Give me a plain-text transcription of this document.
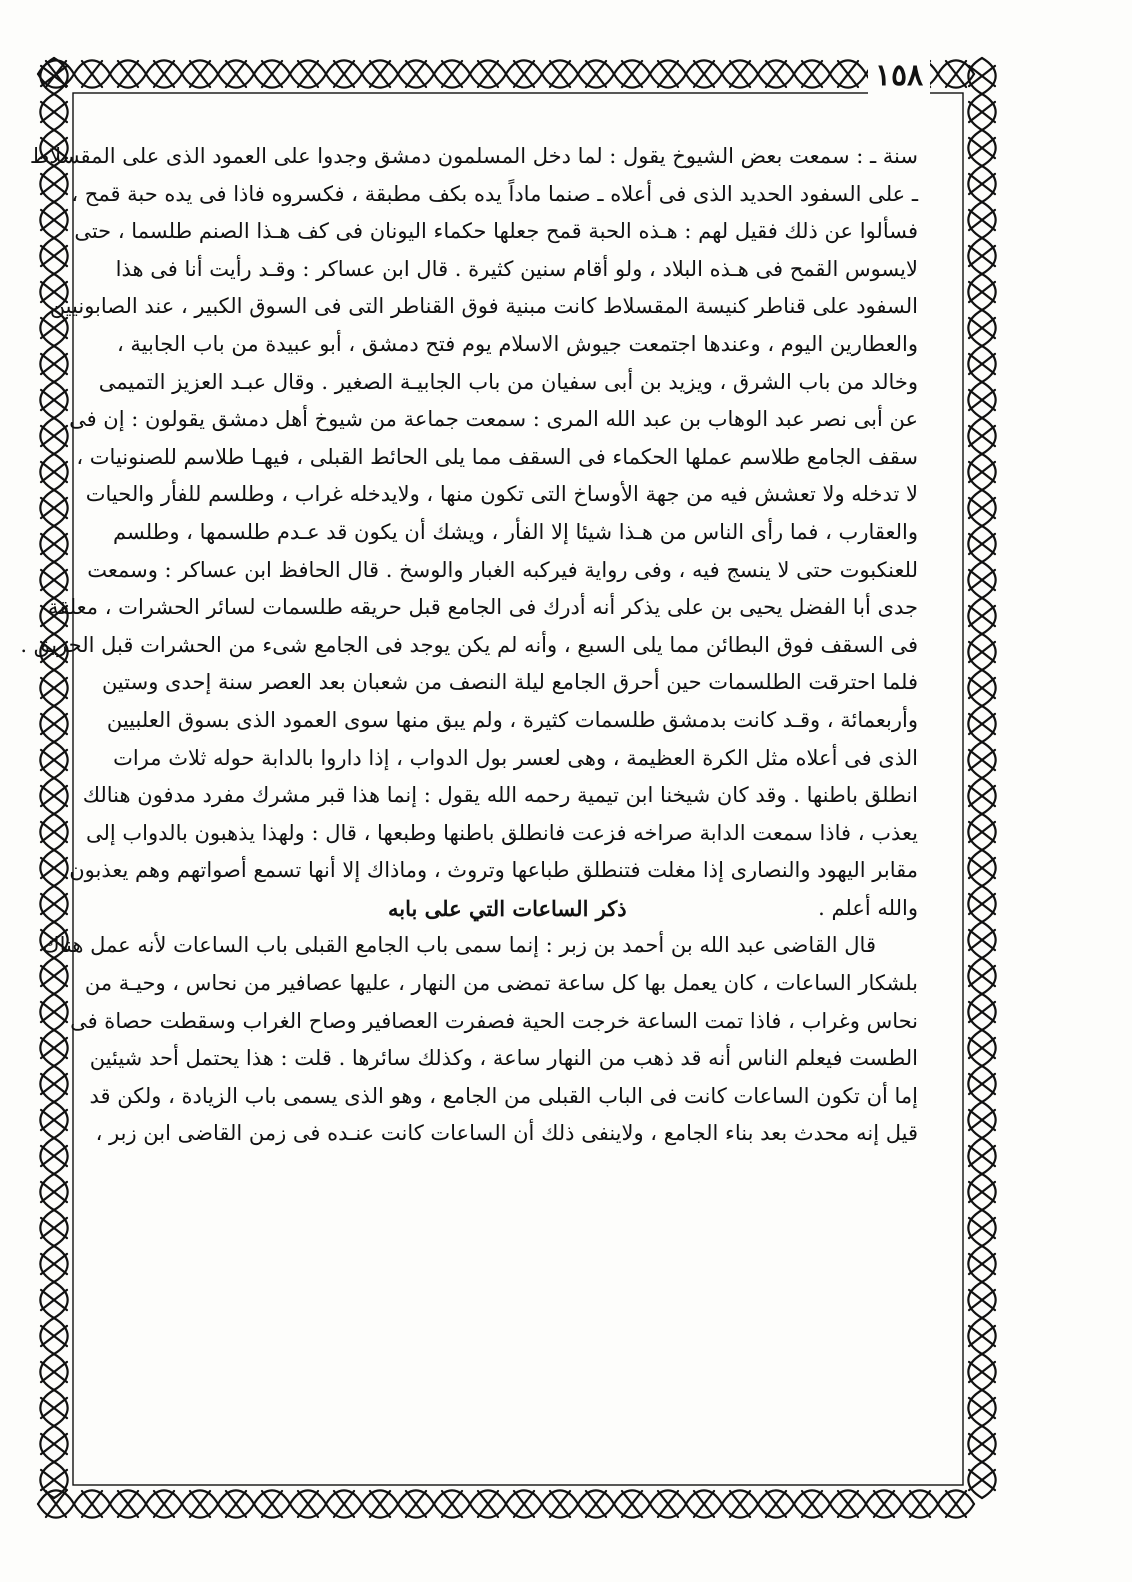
١٥٨
سنة ـ : سمعت بعض الشيوخ يقول : لما دخل المسلمون دمشق وجدوا على العمود الذى على المقسلاط
ـ على السفود الحديد الذى فى أعلاه ـ صنما ماداً يده بكف مطبقة ، فكسروه فاذا فى يده حبة قمح ،
فسألوا عن ذلك فقيل لهم : هـذه الحبة قمح جعلها حكماء اليونان فى كف هـذا الصنم طلسما ، حتى
لايسوس القمح فى هـذه البلاد ، ولو أقام سنين كثيرة . قال ابن عساكر : وقـد رأيت أنا فى هذا
السفود على قناطر كنيسة المقسلاط كانت مبنية فوق القناطر التى فى السوق الكبير ، عند الصابونيين
والعطارين اليوم ، وعندها اجتمعت جيوش الاسلام يوم فتح دمشق ، أبو عبيدة من باب الجابية ،
وخالد من باب الشرق ، ويزيد بن أبى سفيان من باب الجابيـة الصغير . وقال عبـد العزيز التميمى
عن أبى نصر عبد الوهاب بن عبد الله المرى : سمعت جماعة من شيوخ أهل دمشق يقولون : إن فى
سقف الجامع طلاسم عملها الحكماء فى السقف مما يلى الحائط القبلى ، فيهـا طلاسم للصنونيات ،
لا تدخله ولا تعشش فيه من جهة الأوساخ التى تكون منها ، ولايدخله غراب ، وطلسم للفأر والحيات
والعقارب ، فما رأى الناس من هـذا شيئا إلا الفأر ، ويشك أن يكون قد عـدم طلسمها ، وطلسم
للعنكبوت حتى لا ينسج فيه ، وفى رواية فيركبه الغبار والوسخ . قال الحافظ ابن عساكر : وسمعت
جدى أبا الفضل يحيى بن على يذكر أنه أدرك فى الجامع قبل حريقه طلسمات لسائر الحشرات ، معلقة
فى السقف فوق البطائن مما يلى السبع ، وأنه لم يكن يوجد فى الجامع شىء من الحشرات قبل الحريق .
فلما احترقت الطلسمات حين أحرق الجامع ليلة النصف من شعبان بعد العصر سنة إحدى وستين
وأربعمائة ، وقـد كانت بدمشق طلسمات كثيرة ، ولم يبق منها سوى العمود الذى بسوق العلبيين
الذى فى أعلاه مثل الكرة العظيمة ، وهى لعسر بول الدواب ، إذا داروا بالدابة حوله ثلاث مرات
انطلق باطنها . وقد كان شيخنا ابن تيمية رحمه الله يقول : إنما هذا قبر مشرك مفرد مدفون هنالك
يعذب ، فاذا سمعت الدابة صراخه فزعت فانطلق باطنها وطبعها ، قال : ولهذا يذهبون بالدواب إلى
مقابر اليهود والنصارى إذا مغلت فتنطلق طباعها وتروث ، وماذاك إلا أنها تسمع أصواتهم وهم يعذبون
والله أعلم .
ذكر الساعات التي على بابه
قال القاضى عبد الله بن أحمد بن زبر : إنما سمى باب الجامع القبلى باب الساعات لأنه عمل هناك
بلشكار الساعات ، كان يعمل بها كل ساعة تمضى من النهار ، عليها عصافير من نحاس ، وحيـة من
نحاس وغراب ، فاذا تمت الساعة خرجت الحية فصفرت العصافير وصاح الغراب وسقطت حصاة فى
الطست فيعلم الناس أنه قد ذهب من النهار ساعة ، وكذلك سائرها . قلت : هذا يحتمل أحد شيئين
إما أن تكون الساعات كانت فى الباب القبلى من الجامع ، وهو الذى يسمى باب الزيادة ، ولكن قد
قيل إنه محدث بعد بناء الجامع ، ولاينفى ذلك أن الساعات كانت عنـده فى زمن القاضى ابن زبر ،
